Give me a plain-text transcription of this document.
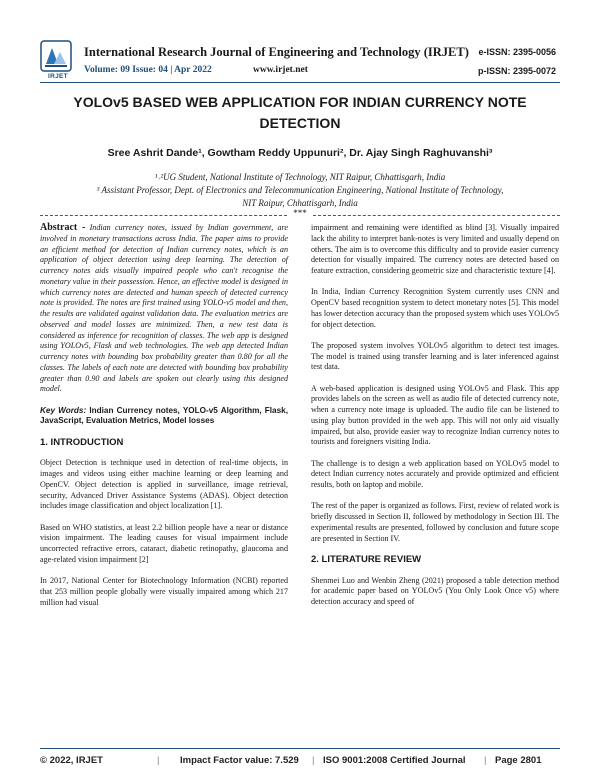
IRJET
International Research Journal of Engineering and Technology (IRJET)
Volume: 09 Issue: 04 | Apr 2022	www.irjet.net
e-ISSN: 2395-0056
p-ISSN: 2395-0072
YOLOv5 BASED WEB APPLICATION FOR INDIAN CURRENCY NOTE DETECTION
Sree Ashrit Dande¹, Gowtham Reddy Uppunuri², Dr. Ajay Singh Raghuvanshi³
¹˒²UG Student, National Institute of Technology, NIT Raipur, Chhattisgarh, India
³ Assistant Professor, Dept. of Electronics and Telecommunication Engineering, National Institute of Technology,
NIT Raipur, Chhattisgarh, India
***

Abstract - Indian currency notes, issued by Indian government, are involved in monetary transactions across India. The paper aims to provide an efficient method for detection of Indian currency notes, which is an application of object detection using deep learning. The detection of currency notes aids visually impaired people who can't recognise the monetary value in their possession. Hence, an effective model is designed in which currency notes are detected and human speech of detected currency note is provided. The notes are first trained using YOLO-v5 model and then, the results are validated against validation data. The evaluation metrics are observed and model losses are minimized. Then, a new test data is considered as inference for recognition of classes. The web app is designed using YOLOv5, Flask and web technologies. The web app detected Indian currency notes with bounding box probability greater than 0.80 for all the classes. The labels of each note are detected with bounding box probability greater than 0.90 and labels are spoken out clearly using this designed model.

Key Words: Indian Currency notes, YOLO-v5 Algorithm, Flask, JavaScript, Evaluation Metrics, Model losses

1. INTRODUCTION

Object Detection is technique used in detection of real-time objects, in images and videos using either machine learning or deep learning and OpenCV. Object detection is applied in surveillance, image retrieval, security, Advanced Driver Assistance Systems (ADAS). Object detection includes image classification and object localization [1].

Based on WHO statistics, at least 2.2 billion people have a near or distance vision impairment. The leading causes for visual impairment include uncorrected refractive errors, cataract, diabetic retinopathy, glaucoma and age-related vision impairment [2]

In 2017, National Center for Biotechnology Information (NCBI) reported that 253 million people globally were visually impaired among which 217 million had visual

impairment and remaining were identified as blind [3]. Visually impaired lack the ability to interpret bank-notes is very limited and usually depend on others. The aim is to overcome this difficulty and to provide easier currency detection for visually impaired. The currency notes are detected based on feature extraction, considering geometric size and characteristic texture [4].

In India, Indian Currency Recognition System currently uses CNN and OpenCV based recognition system to detect monetary notes [5]. This model has lower detection accuracy than the proposed system which uses YOLOv5 for object detection.

The proposed system involves YOLOv5 algorithm to detect test images. The model is trained using transfer learning and is later inferenced against test data.

A web-based application is designed using YOLOv5 and Flask. This app provides labels on the screen as well as audio file of detected currency note, when a currency note image is uploaded. The audio file can be listened to using play button provided in the web app. This will not only aid visually impaired, but also, provide easier way to recognize Indian currency notes to tourists and foreigners visiting India.

The challenge is to design a web application based on YOLOv5 model to detect Indian currency notes accurately and provide optimized and efficient results, both on laptop and mobile.

The rest of the paper is organized as follows. First, review of related work is briefly discussed in Section II, followed by methodology in Section III. The experimental results are presented, followed by conclusion and future scope are presented in Section IV.

2. LITERATURE REVIEW

Shenmei Luo and Wenbin Zheng (2021) proposed a table detection method for academic paper based on YOLOv5 (You Only Look Once v5) where detection accuracy and speed of

© 2022, IRJET	| Impact Factor value: 7.529 | ISO 9001:2008 Certified Journal | Page 2801
